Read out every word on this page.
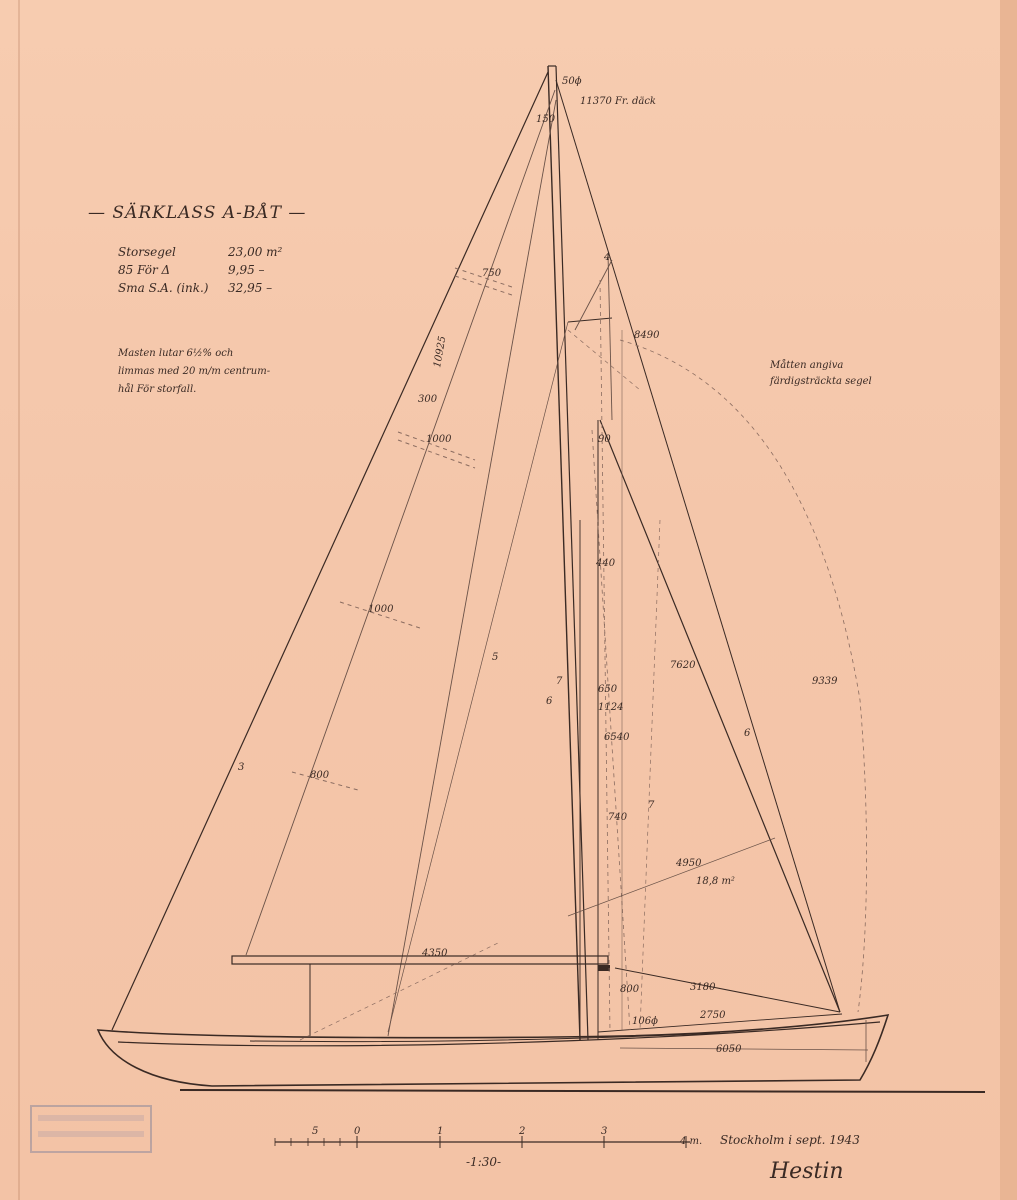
— SÄRKLASS A-BÅT —
Storsegel	23,00 m²
85 För Δ	9,95 –
Sma S.A. (ink.) 32,95 –
Masten lutar 6½% och
limmas med 20 m/m centrum-
hål För storfall.
Måtten angiva
färdigsträckta segel
50ϕ
11370 Fr. däck
150
750
10925
300
1000
1000
800
3
5
4
8490
90
440
7620
9339
7
6
650
1124
6540	6
7
740
4950
18,8 m²
4350
800	3180
106ϕ
2750
6050
5	0	1	2	3
4 m.
-1:30-
Stockholm i sept. 1943
Hestin
